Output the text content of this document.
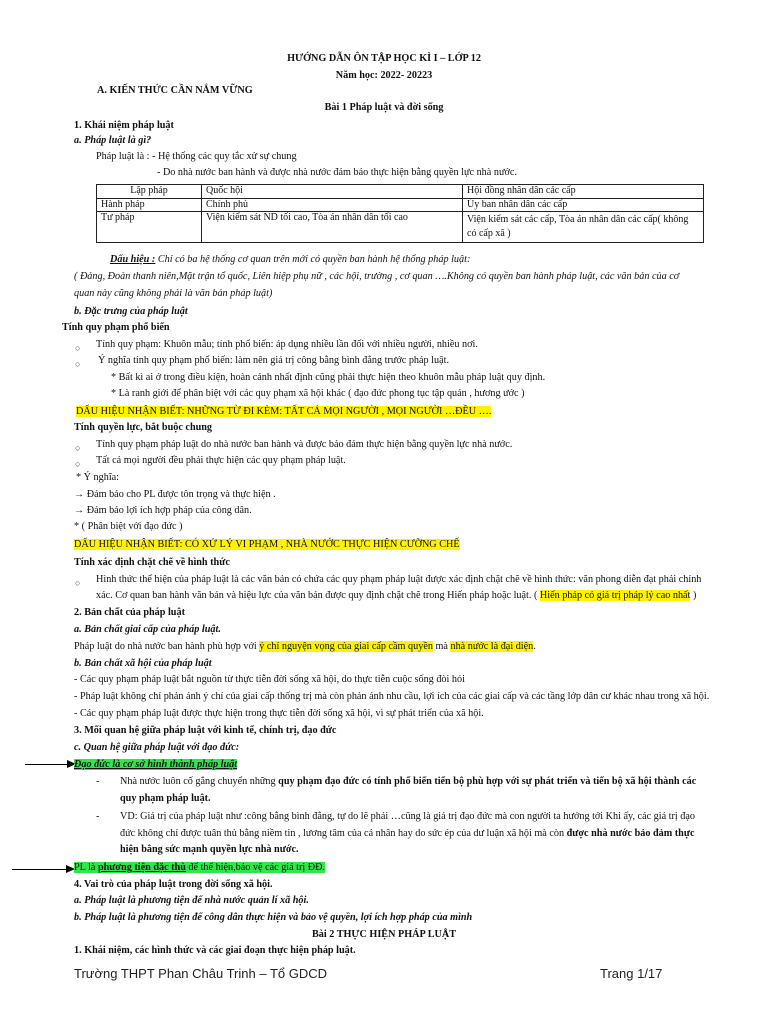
HƯỚNG DẪN ÔN TẬP HỌC KÌ I – LỚP 12
Năm học: 2022- 20223
A. KIẾN THỨC CẦN NẮM VỮNG
Bài 1 Pháp luật và đời sống
1. Khái niệm pháp luật
a. Pháp luật là gì?
Pháp luật là : - Hệ thống các quy tắc xử sự chung
- Do nhà nước ban hành và được nhà nước đảm bảo thực hiện bằng quyền lực nhà nước.
Lập pháp	Quốc hội	Hội đồng nhân dân các cấp
Hành pháp	Chính phủ	Ủy ban nhân dân các cấp
Tư pháp	Viện kiểm sát ND tối cao, Tòa án nhân dân tối cao	Viện kiểm sát các cấp, Tòa án nhân dân các cấp( không có cấp xã )
Dấu hiệu : Chỉ có ba hệ thống cơ quan trên mới có quyền ban hành hệ thống pháp luật:
( Đảng, Đoàn thanh niên,Mặt trận tổ quốc, Liên hiệp phụ nữ , các hội, trường , cơ quan ….Không có quyền ban hành pháp luật, các văn bản của cơ
quan này cũng không phải là văn bản pháp luật)
b. Đặc trưng của pháp luật
Tính quy phạm phổ biến
○ Tính quy phạm: Khuôn mẫu; tính phổ biến: áp dụng nhiều lần đối với nhiều người, nhiều nơi.
○ Ý nghĩa tính quy phạm phổ biến: làm nên giá trị công bằng bình đẳng trước pháp luật.
* Bất kì ai ở trong điều kiện, hoàn cảnh nhất định cũng phải thực hiện theo khuôn mẫu pháp luật quy định.
* Là ranh giới để phân biệt với các quy phạm xã hội khác ( đạo đức phong tục tập quán , hương ước )
DẤU HIỆU NHẬN BIẾT: NHỮNG TỪ ĐI KÈM: TẤT CẢ MỌI NGƯỜI , MỌI NGƯỜI …ĐỀU ….
Tính quyền lực, bắt buộc chung
○ Tính quy phạm pháp luật do nhà nước ban hành và được bảo đảm thực hiện bằng quyền lực nhà nước.
○ Tất cả mọi người đều phải thực hiện các quy phạm pháp luật.
* Ý nghĩa:
→ Đảm bảo cho PL được tôn trọng và thực hiện .
→ Đảm bảo lợi ích hợp pháp của công dân.
* ( Phân biệt với đạo đức )
DẤU HIỆU NHẬN BIẾT: CÓ XỬ LÝ VI PHẠM , NHÀ NƯỚC THỰC HIỆN CƯỠNG CHẾ
Tính xác định chặt chẽ về hình thức
○ Hình thức thể hiện của pháp luật là các văn bản có chứa các quy phạm pháp luật được xác định chặt chẽ về hình thức: văn phong diễn đạt phải chính
xác. Cơ quan ban hành văn bản và hiệu lực của văn bản được quy định chặt chẽ trong Hiến pháp hoặc luật. ( Hiến pháp có giá trị pháp lý cao nhất )
2. Bản chất của pháp luật
a. Bản chất giai cấp của pháp luật.
Pháp luật do nhà nước ban hành phù hợp với ý chí nguyện vọng của giai cấp cầm quyền mà nhà nước là đại diện.
b. Bản chất xã hội của pháp luật
- Các quy phạm pháp luật bắt nguồn từ thực tiễn đời sống xã hội, do thực tiễn cuộc sống đòi hỏi
- Pháp luật không chỉ phản ánh ý chí của giai cấp thống trị mà còn phản ánh nhu cầu, lợi ích của các giai cấp và các tầng lớp dân cư khác nhau trong xã hội.
- Các quy phạm pháp luật được thực hiện trong thực tiễn đời sống xã hội, vì sự phát triển của xã hội.
3. Mối quan hệ giữa pháp luật với kinh tế, chính trị, đạo đức
c. Quan hệ giữa pháp luật với đạo đức:
Đạo đức là cơ sở hình thành pháp luật
- Nhà nước luôn cố gắng chuyển những quy phạm đạo đức có tính phổ biến tiến bộ phù hợp với sự phát triển và tiến bộ xã hội thành các
quy phạm pháp luật.
- VD: Giá trị của pháp luật như :công bằng bình đẳng, tự do lẽ phải …cũng là giá trị đạo đức mà con người ta hướng tới Khi ấy, các giá trị đạo
đức không chỉ được tuân thủ bằng niềm tin , lương tâm của cá nhân hay do sức ép của dư luận xã hội mà còn được nhà nước bảo đảm thực
hiện bằng sức mạnh quyền lực nhà nước.
PL là phương tiện đặc thù để thể hiện,bảo vệ các giá trị ĐĐ.
4. Vai trò của pháp luật trong đời sống xã hội.
a. Pháp luật là phương tiện để nhà nước quản lí xã hội.
b. Pháp luật là phương tiện để công dân thực hiện và bảo vệ quyền, lợi ích hợp pháp của mình
Bài 2 THỰC HIỆN PHÁP LUẬT
1. Khái niệm, các hình thức và các giai đoạn thực hiện pháp luật.
Trường THPT Phan Châu Trinh – Tổ GDCD	Trang 1/17
